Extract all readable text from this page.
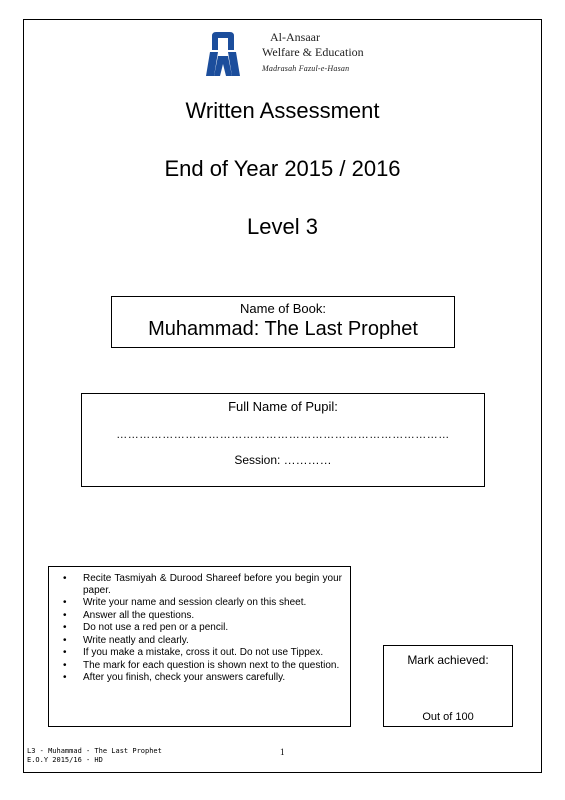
Al-Ansaar
Welfare & Education
Madrasah Fazul-e-Hasan
Written Assessment
End of Year 2015 / 2016
Level 3
Name of Book:
Muhammad: The Last Prophet
Full Name of Pupil:
……………………………………………………………………………
Session: …………
• Recite Tasmiyah & Durood Shareef before you begin your paper.
• Write your name and session clearly on this sheet.
• Answer all the questions.
• Do not use a red pen or a pencil.
• Write neatly and clearly.
• If you make a mistake, cross it out. Do not use Tippex.
• The mark for each question is shown next to the question.
• After you finish, check your answers carefully.
Mark achieved:
Out of 100
L3 - Muhammad - The Last Prophet
E.O.Y 2015/16 - HD
1
